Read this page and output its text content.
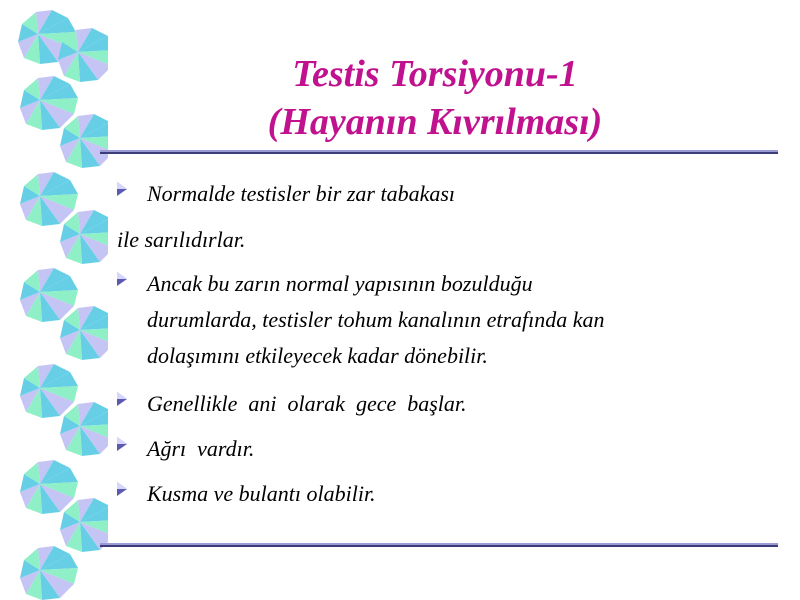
Testis Torsiyonu-1
(Hayanın Kıvrılması)
Normalde testisler bir zar tabakası
ile sarılıdırlar.
Ancak bu zarın normal yapısının bozulduğu
durumlarda, testisler tohum kanalının etrafında kan
dolaşımını etkileyecek kadar dönebilir.
Genellikle  ani  olarak  gece  başlar.
Ağrı  vardır.
Kusma ve bulantı olabilir.
